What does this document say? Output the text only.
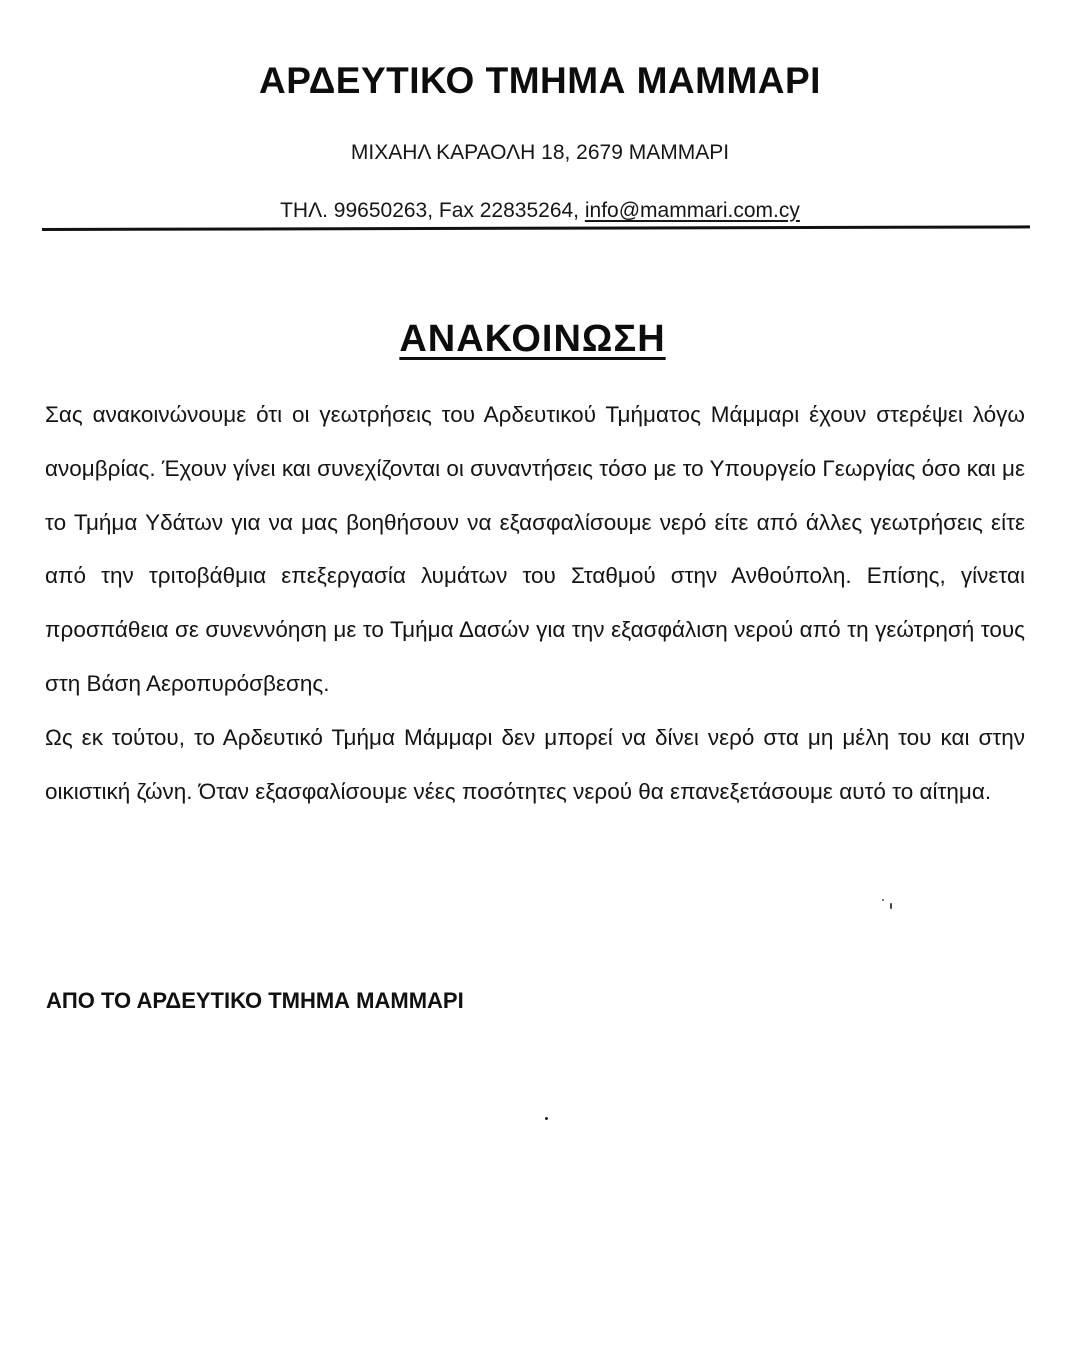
ΑΡΔΕΥΤΙΚΟ ΤΜΗΜΑ ΜΑΜΜΑΡΙ
ΜΙΧΑΗΛ ΚΑΡΑΟΛΗ 18, 2679 ΜΑΜΜΑΡΙ
ΤΗΛ. 99650263, Fax 22835264, info@mammari.com.cy
ΑΝΑΚΟΙΝΩΣΗ

Σας ανακοινώνουμε ότι οι γεωτρήσεις του Αρδευτικού Τμήματος Μάμμαρι έχουν στερέψει λόγω ανομβρίας. Έχουν γίνει και συνεχίζονται οι συναντήσεις τόσο με το Υπουργείο Γεωργίας όσο και με το Τμήμα Υδάτων για να μας βοηθήσουν να εξασφαλίσουμε νερό είτε από άλλες γεωτρήσεις είτε από την τριτοβάθμια επεξεργασία λυμάτων του Σταθμού στην Ανθούπολη. Επίσης, γίνεται προσπάθεια σε συνεννόηση με το Τμήμα Δασών για την εξασφάλιση νερού από τη γεώτρησή τους στη Βάση Αεροπυρόσβεσης.

Ως εκ τούτου, το Αρδευτικό Τμήμα Μάμμαρι δεν μπορεί να δίνει νερό στα μη μέλη του και στην οικιστική ζώνη. Όταν εξασφαλίσουμε νέες ποσότητες νερού θα επανεξετάσουμε αυτό το αίτημα.

ΑΠΟ ΤΟ ΑΡΔΕΥΤΙΚΟ ΤΜΗΜΑ ΜΑΜΜΑΡΙ
